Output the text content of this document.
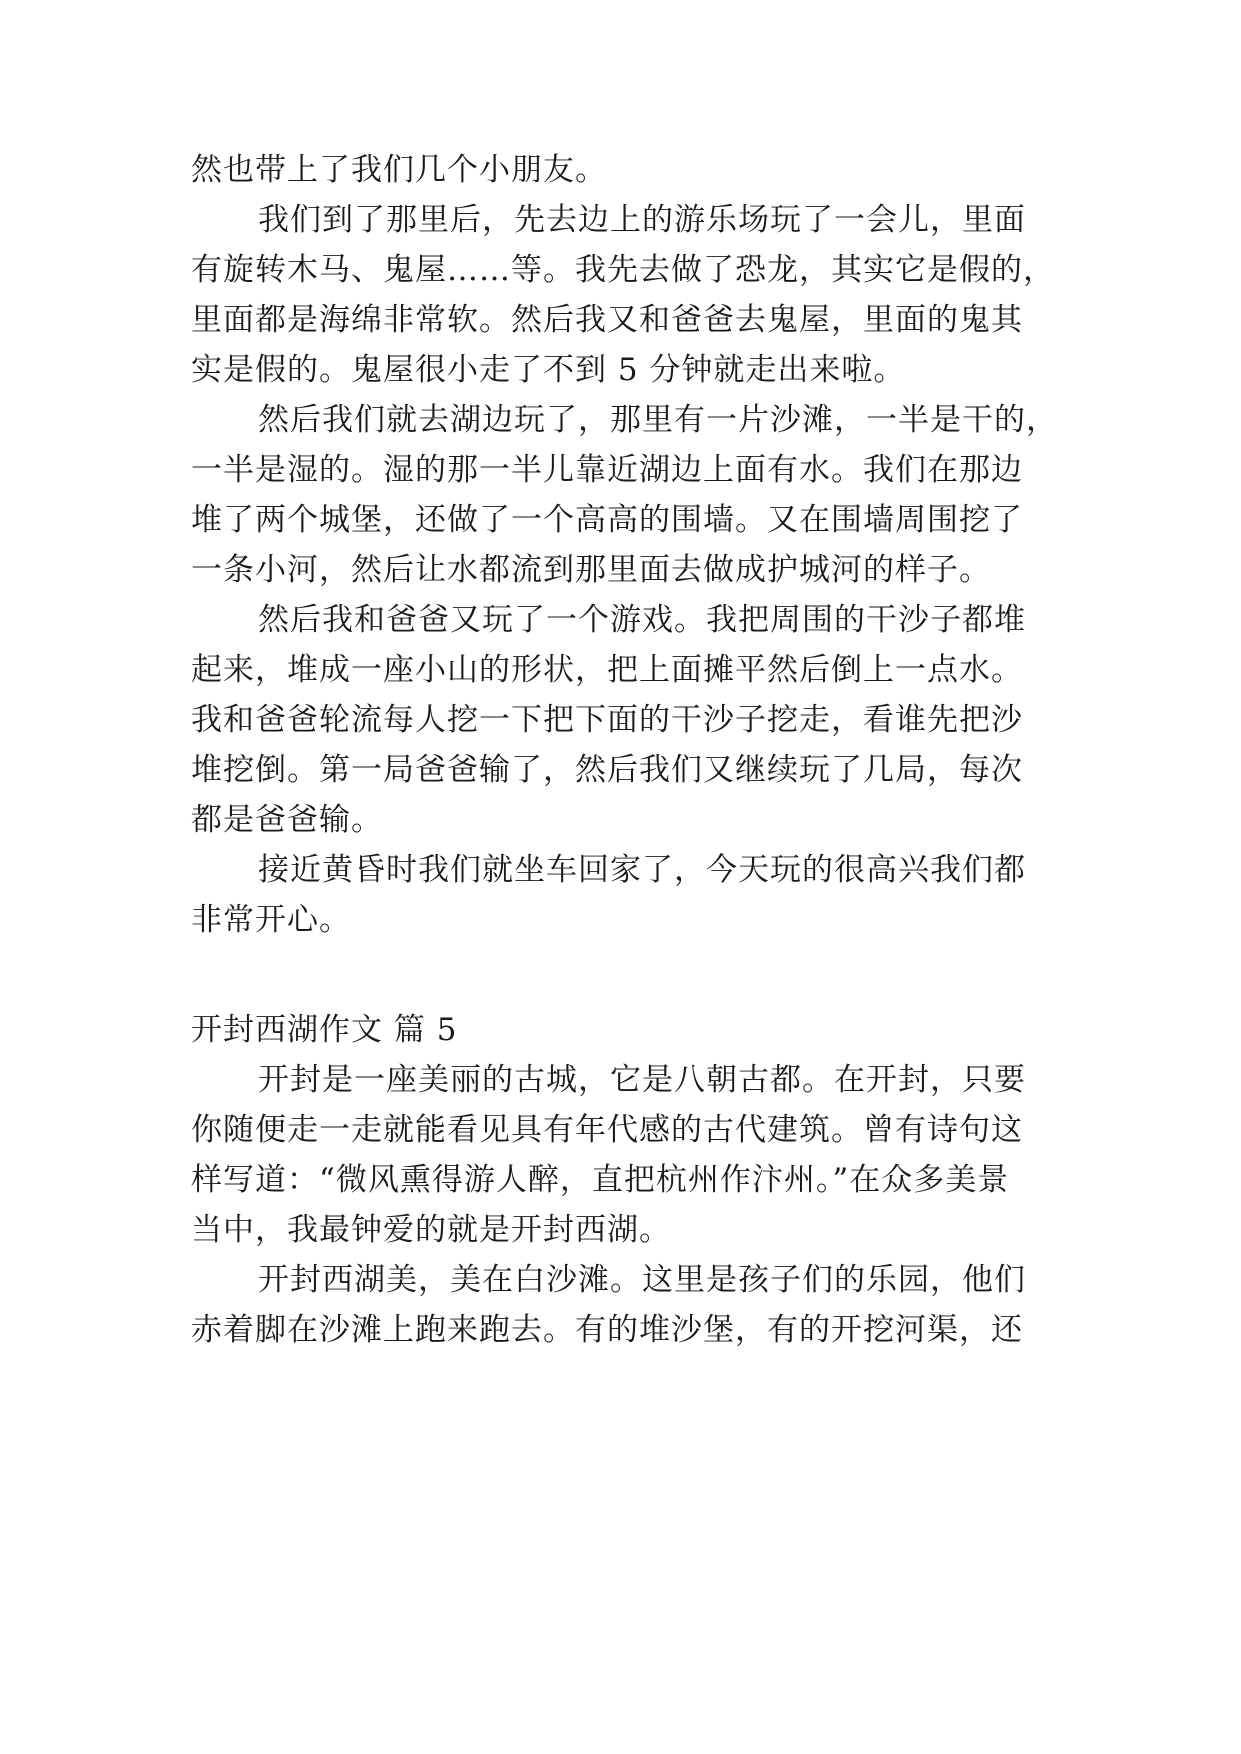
然也带上了我们几个小朋友。
我们到了那里后，先去边上的游乐场玩了一会儿，里面
有旋转木马、鬼屋……等。我先去做了恐龙，其实它是假的，
里面都是海绵非常软。然后我又和爸爸去鬼屋，里面的鬼其
实是假的。鬼屋很小走了不到 5 分钟就走出来啦。
然后我们就去湖边玩了，那里有一片沙滩，一半是干的，
一半是湿的。湿的那一半儿靠近湖边上面有水。我们在那边
堆了两个城堡，还做了一个高高的围墙。又在围墙周围挖了
一条小河，然后让水都流到那里面去做成护城河的样子。
然后我和爸爸又玩了一个游戏。我把周围的干沙子都堆
起来，堆成一座小山的形状，把上面摊平然后倒上一点水。
我和爸爸轮流每人挖一下把下面的干沙子挖走，看谁先把沙
堆挖倒。第一局爸爸输了，然后我们又继续玩了几局，每次
都是爸爸输。
接近黄昏时我们就坐车回家了，今天玩的很高兴我们都
非常开心。
开封西湖作文 篇 5
开封是一座美丽的古城，它是八朝古都。在开封，只要
你随便走一走就能看见具有年代感的古代建筑。曾有诗句这
样写道：“微风熏得游人醉，直把杭州作汴州。”在众多美景
当中，我最钟爱的就是开封西湖。
开封西湖美，美在白沙滩。这里是孩子们的乐园，他们
赤着脚在沙滩上跑来跑去。有的堆沙堡，有的开挖河渠，还
